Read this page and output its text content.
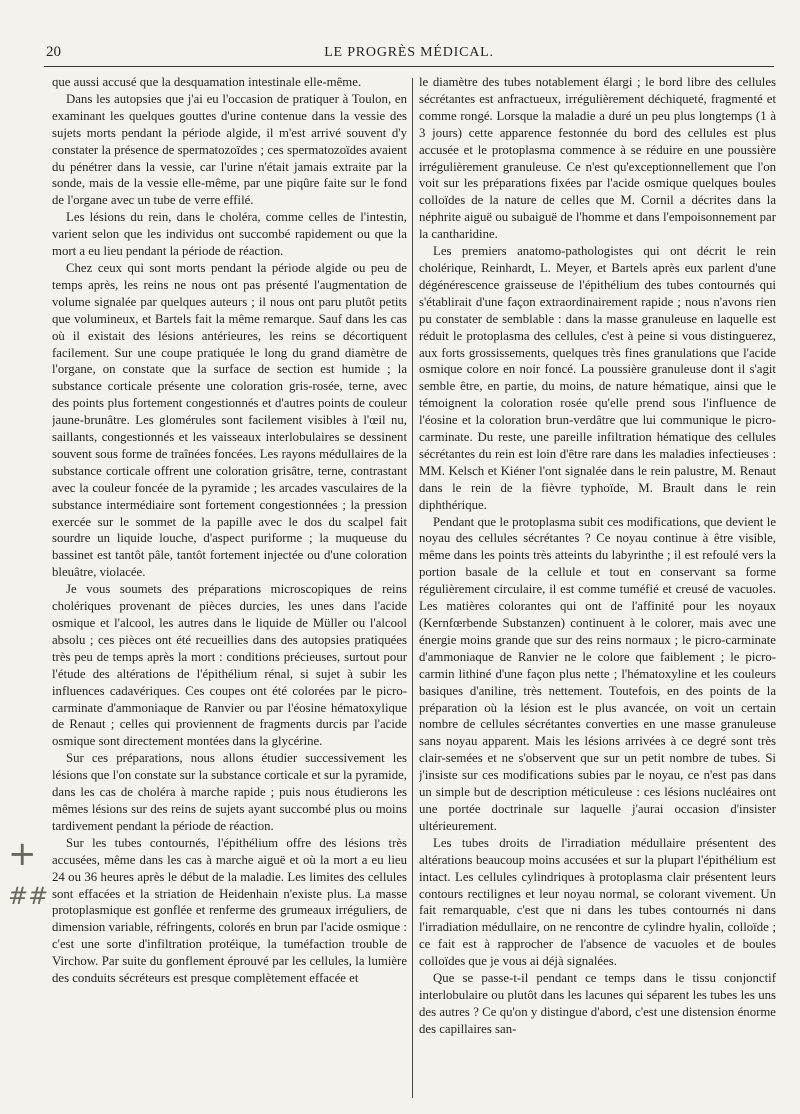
20	LE PROGRÈS MÉDICAL.

que aussi accusé que la desquamation intestinale elle-même.

Dans les autopsies que j'ai eu l'occasion de pratiquer à Toulon, en examinant les quelques gouttes d'urine contenue dans la vessie des sujets morts pendant la période algide, il m'est arrivé souvent d'y constater la présence de spermatozoïdes ; ces spermatozoïdes avaient du pénétrer dans la vessie, car l'urine n'était jamais extraite par la sonde, mais de la vessie elle-même, par une piqûre faite sur le fond de l'organe avec un tube de verre effilé.

Les lésions du rein, dans le choléra, comme celles de l'intestin, varient selon que les individus ont succombé rapidement ou que la mort a eu lieu pendant la période de réaction.

Chez ceux qui sont morts pendant la période algide ou peu de temps après, les reins ne nous ont pas présenté l'augmentation de volume signalée par quelques auteurs ; il nous ont paru plutôt petits que volumineux, et Bartels fait la même remarque. Sauf dans les cas où il existait des lésions antérieures, les reins se décortiquent facilement. Sur une coupe pratiquée le long du grand diamètre de l'organe, on constate que la surface de section est humide ; la substance corticale présente une coloration gris-rosée, terne, avec des points plus fortement congestionnés et d'autres points de couleur jaune-brunâtre. Les glomérules sont facilement visibles à l'œil nu, saillants, congestionnés et les vaisseaux interlobulaires se dessinent souvent sous forme de traînées foncées. Les rayons médullaires de la substance corticale offrent une coloration grisâtre, terne, contrastant avec la couleur foncée de la pyramide ; les arcades vasculaires de la substance intermédiaire sont fortement congestionnées ; la pression exercée sur le sommet de la papille avec le dos du scalpel fait sourdre un liquide louche, d'aspect puriforme ; la muqueuse du bassinet est tantôt pâle, tantôt fortement injectée ou d'une coloration bleuâtre, violacée.

Je vous soumets des préparations microscopiques de reins cholériques provenant de pièces durcies, les unes dans l'acide osmique et l'alcool, les autres dans le liquide de Müller ou l'alcool absolu ; ces pièces ont été recueillies dans des autopsies pratiquées très peu de temps après la mort : conditions précieuses, surtout pour l'étude des altérations de l'épithélium rénal, si sujet à subir les influences cadavériques. Ces coupes ont été colorées par le picro-carminate d'ammoniaque de Ranvier ou par l'éosine hématoxylique de Renaut ; celles qui proviennent de fragments durcis par l'acide osmique sont directement montées dans la glycérine.

Sur ces préparations, nous allons étudier successivement les lésions que l'on constate sur la substance corticale et sur la pyramide, dans les cas de choléra à marche rapide ; puis nous étudierons les mêmes lésions sur des reins de sujets ayant succombé plus ou moins tardivement pendant la période de réaction.

Sur les tubes contournés, l'épithélium offre des lésions très accusées, même dans les cas à marche aiguë et où la mort a eu lieu 24 ou 36 heures après le début de la maladie. Les limites des cellules sont effacées et la striation de Heidenhain n'existe plus. La masse protoplasmique est gonflée et renferme des grumeaux irréguliers, de dimension variable, réfringents, colorés en brun par l'acide osmique : c'est une sorte d'infiltration protéique, la tuméfaction trouble de Virchow. Par suite du gonflement éprouvé par les cellules, la lumière des conduits sécréteurs est presque complètement effacée et

le diamètre des tubes notablement élargi ; le bord libre des cellules sécrétantes est anfractueux, irrégulièrement déchiqueté, fragmenté et comme rongé. Lorsque la maladie a duré un peu plus longtemps (1 à 3 jours) cette apparence festonnée du bord des cellules est plus accusée et le protoplasma commence à se réduire en une poussière irrégulièrement granuleuse. Ce n'est qu'exceptionnellement que l'on voit sur les préparations fixées par l'acide osmique quelques boules colloïdes de la nature de celles que M. Cornil a décrites dans la néphrite aiguë ou subaiguë de l'homme et dans l'empoisonnement par la cantharidine.

Les premiers anatomo-pathologistes qui ont décrit le rein cholérique, Reinhardt, L. Meyer, et Bartels après eux parlent d'une dégénérescence graisseuse de l'épithélium des tubes contournés qui s'établirait d'une façon extraordinairement rapide ; nous n'avons rien pu constater de semblable : dans la masse granuleuse en laquelle est réduit le protoplasma des cellules, c'est à peine si vous distinguerez, aux forts grossissements, quelques très fines granulations que l'acide osmique colore en noir foncé. La poussière granuleuse dont il s'agit semble être, en partie, du moins, de nature hématique, ainsi que le témoignent la coloration rosée qu'elle prend sous l'influence de l'éosine et la coloration brun-verdâtre que lui communique le picro-carminate. Du reste, une pareille infiltration hématique des cellules sécrétantes du rein est loin d'être rare dans les maladies infectieuses : MM. Kelsch et Kiéner l'ont signalée dans le rein palustre, M. Renaut dans le rein de la fièvre typhoïde, M. Brault dans le rein diphthérique.

Pendant que le protoplasma subit ces modifications, que devient le noyau des cellules sécrétantes ? Ce noyau continue à être visible, même dans les points très atteints du labyrinthe ; il est refoulé vers la portion basale de la cellule et tout en conservant sa forme régulièrement circulaire, il est comme tuméfié et creusé de vacuoles. Les matières colorantes qui ont de l'affinité pour les noyaux (Kernfœrbende Substanzen) continuent à le colorer, mais avec une énergie moins grande que sur des reins normaux ; le picro-carminate d'ammoniaque de Ranvier ne le colore que faiblement ; le picro-carmin lithiné d'une façon plus nette ; l'hématoxyline et les couleurs basiques d'aniline, très nettement. Toutefois, en des points de la préparation où la lésion est le plus avancée, on voit un certain nombre de cellules sécrétantes converties en une masse granuleuse sans noyau apparent. Mais les lésions arrivées à ce degré sont très clair-semées et ne s'observent que sur un petit nombre de tubes. Si j'insiste sur ces modifications subies par le noyau, ce n'est pas dans un simple but de description méticuleuse : ces lésions nucléaires ont une portée doctrinale sur laquelle j'aurai occasion d'insister ultérieurement.

Les tubes droits de l'irradiation médullaire présentent des altérations beaucoup moins accusées et sur la plupart l'épithélium est intact. Les cellules cylindriques à protoplasma clair présentent leurs contours rectilignes et leur noyau normal, se colorant vivement. Un fait remarquable, c'est que ni dans les tubes contournés ni dans l'irradiation médullaire, on ne rencontre de cylindre hyalin, colloïde ; ce fait est à rapprocher de l'absence de vacuoles et de boules colloïdes que je vous ai déjà signalées.

Que se passe-t-il pendant ce temps dans le tissu conjonctif interlobulaire ou plutôt dans les lacunes qui séparent les tubes les uns des autres ? Ce qu'on y distingue d'abord, c'est une distension énorme des capillaires san-

+
##
